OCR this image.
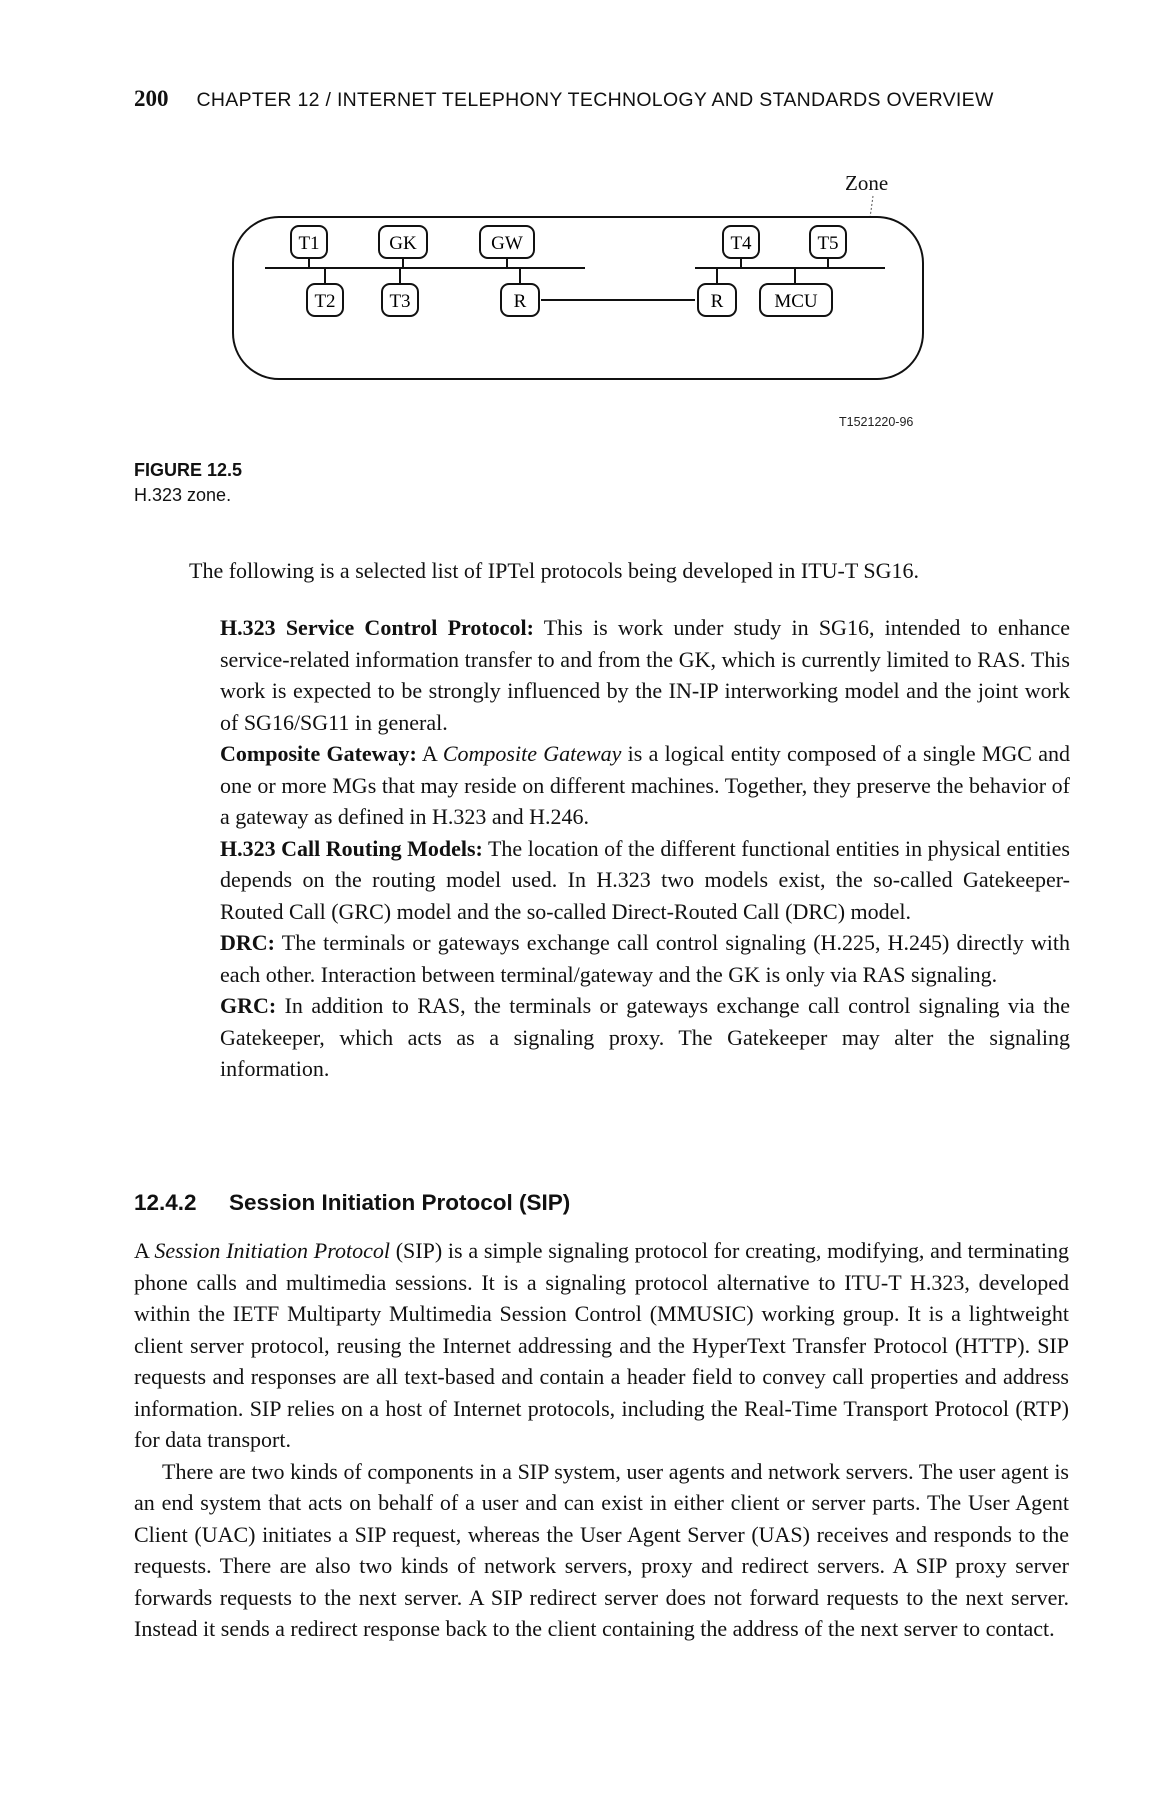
200 CHAPTER 12 / INTERNET TELEPHONY TECHNOLOGY AND STANDARDS OVERVIEW
Zone
T1	GK	GW	T4	T5
T2	T3	R	R	MCU
T1521220-96

FIGURE 12.5

H.323 zone.

The following is a selected list of IPTel protocols being developed in ITU-T SG16.

H.323 Service Control Protocol: This is work under study in SG16, intended to enhance service-related information transfer to and from the GK, which is currently limited to RAS. This work is expected to be strongly influenced by the IN-IP interworking model and the joint work of SG16/SG11 in general.

Composite Gateway: A Composite Gateway is a logical entity composed of a single MGC and one or more MGs that may reside on different machines. Together, they preserve the behavior of a gateway as defined in H.323 and H.246.

H.323 Call Routing Models: The location of the different functional entities in physical entities depends on the routing model used. In H.323 two models exist, the so-called Gatekeeper-Routed Call (GRC) model and the so-called Direct-Routed Call (DRC) model.

DRC: The terminals or gateways exchange call control signaling (H.225, H.245) directly with each other. Interaction between terminal/gateway and the GK is only via RAS signaling.

GRC: In addition to RAS, the terminals or gateways exchange call control signaling via the Gatekeeper, which acts as a signaling proxy. The Gatekeeper may alter the signaling information.

12.4.2 Session Initiation Protocol (SIP)

A Session Initiation Protocol (SIP) is a simple signaling protocol for creating, modifying, and terminating phone calls and multimedia sessions. It is a signaling protocol alternative to ITU-T H.323, developed within the IETF Multiparty Multimedia Session Control (MMUSIC) working group. It is a lightweight client server protocol, reusing the Internet addressing and the HyperText Transfer Protocol (HTTP). SIP requests and responses are all text-based and contain a header field to convey call properties and address information. SIP relies on a host of Internet protocols, including the Real-Time Transport Protocol (RTP) for data transport.

There are two kinds of components in a SIP system, user agents and network servers. The user agent is an end system that acts on behalf of a user and can exist in either client or server parts. The User Agent Client (UAC) initiates a SIP request, whereas the User Agent Server (UAS) receives and responds to the requests. There are also two kinds of network servers, proxy and redirect servers. A SIP proxy server forwards requests to the next server. A SIP redirect server does not forward requests to the next server. Instead it sends a redirect response back to the client containing the address of the next server to contact.
